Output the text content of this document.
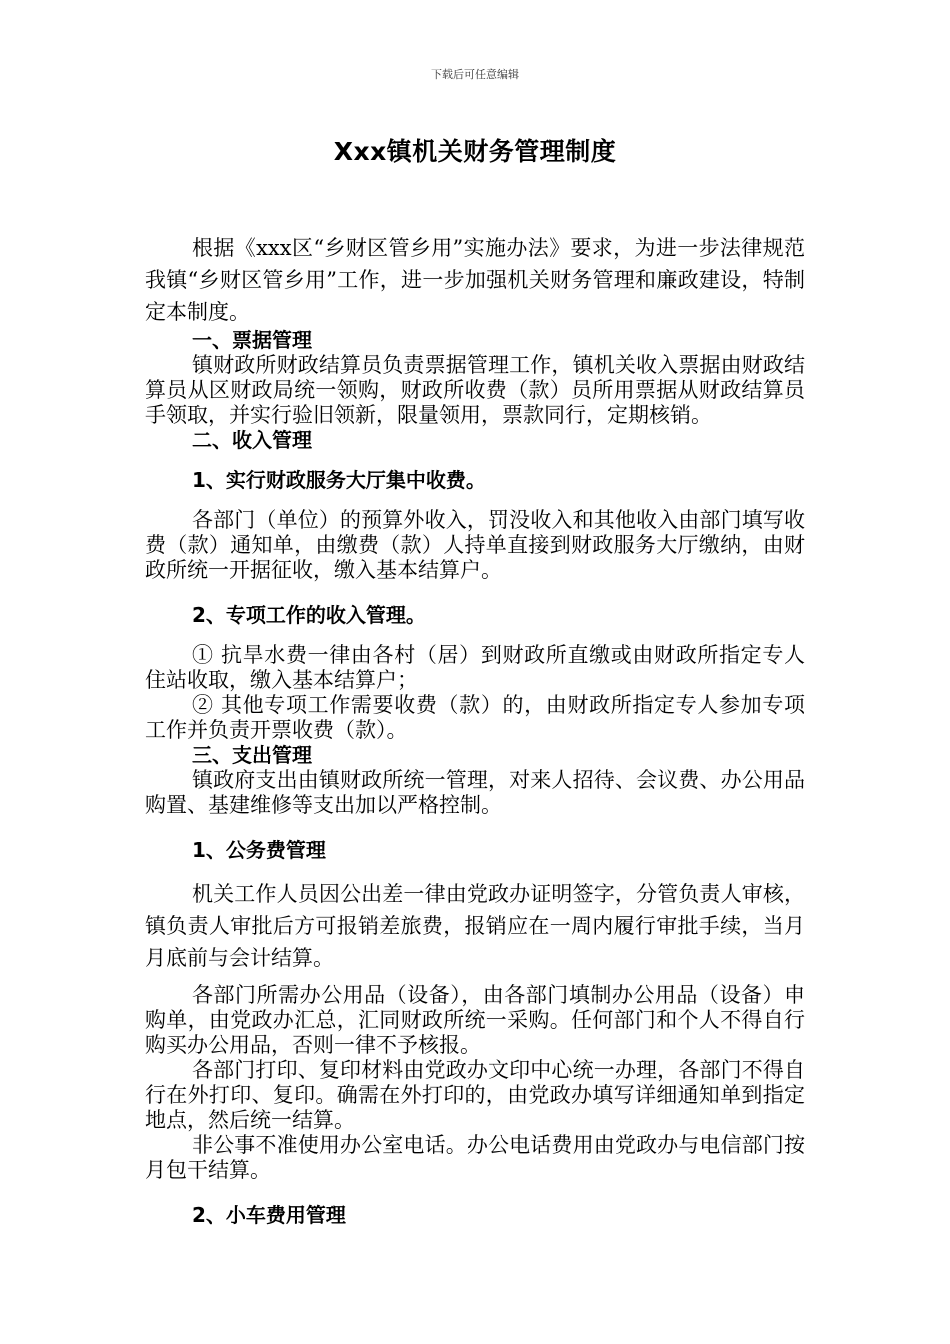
下载后可任意编辑
Xxx镇机关财务管理制度

根据《xxx区“乡财区管乡用”实施办法》要求，为进一步法律规范我镇“乡财区管乡用”工作，进一步加强机关财务管理和廉政建设，特制定本制度。

一、票据管理

镇财政所财政结算员负责票据管理工作，镇机关收入票据由财政结算员从区财政局统一领购，财政所收费（款）员所用票据从财政结算员手领取，并实行验旧领新，限量领用，票款同行，定期核销。

二、收入管理

1、实行财政服务大厅集中收费。

各部门（单位）的预算外收入，罚没收入和其他收入由部门填写收费（款）通知单，由缴费（款）人持单直接到财政服务大厅缴纳，由财政所统一开据征收，缴入基本结算户。

2、专项工作的收入管理。

① 抗旱水费一律由各村（居）到财政所直缴或由财政所指定专人住站收取，缴入基本结算户；

② 其他专项工作需要收费（款）的，由财政所指定专人参加专项工作并负责开票收费（款）。

三、支出管理

镇政府支出由镇财政所统一管理，对来人招待、会议费、办公用品购置、基建维修等支出加以严格控制。

1、公务费管理

机关工作人员因公出差一律由党政办证明签字，分管负责人审核，镇负责人审批后方可报销差旅费，报销应在一周内履行审批手续，当月月底前与会计结算。

各部门所需办公用品（设备），由各部门填制办公用品（设备）申购单，由党政办汇总，汇同财政所统一采购。任何部门和个人不得自行购买办公用品，否则一律不予核报。

各部门打印、复印材料由党政办文印中心统一办理，各部门不得自行在外打印、复印。确需在外打印的，由党政办填写详细通知单到指定地点，然后统一结算。

非公事不准使用办公室电话。办公电话费用由党政办与电信部门按月包干结算。

2、小车费用管理
